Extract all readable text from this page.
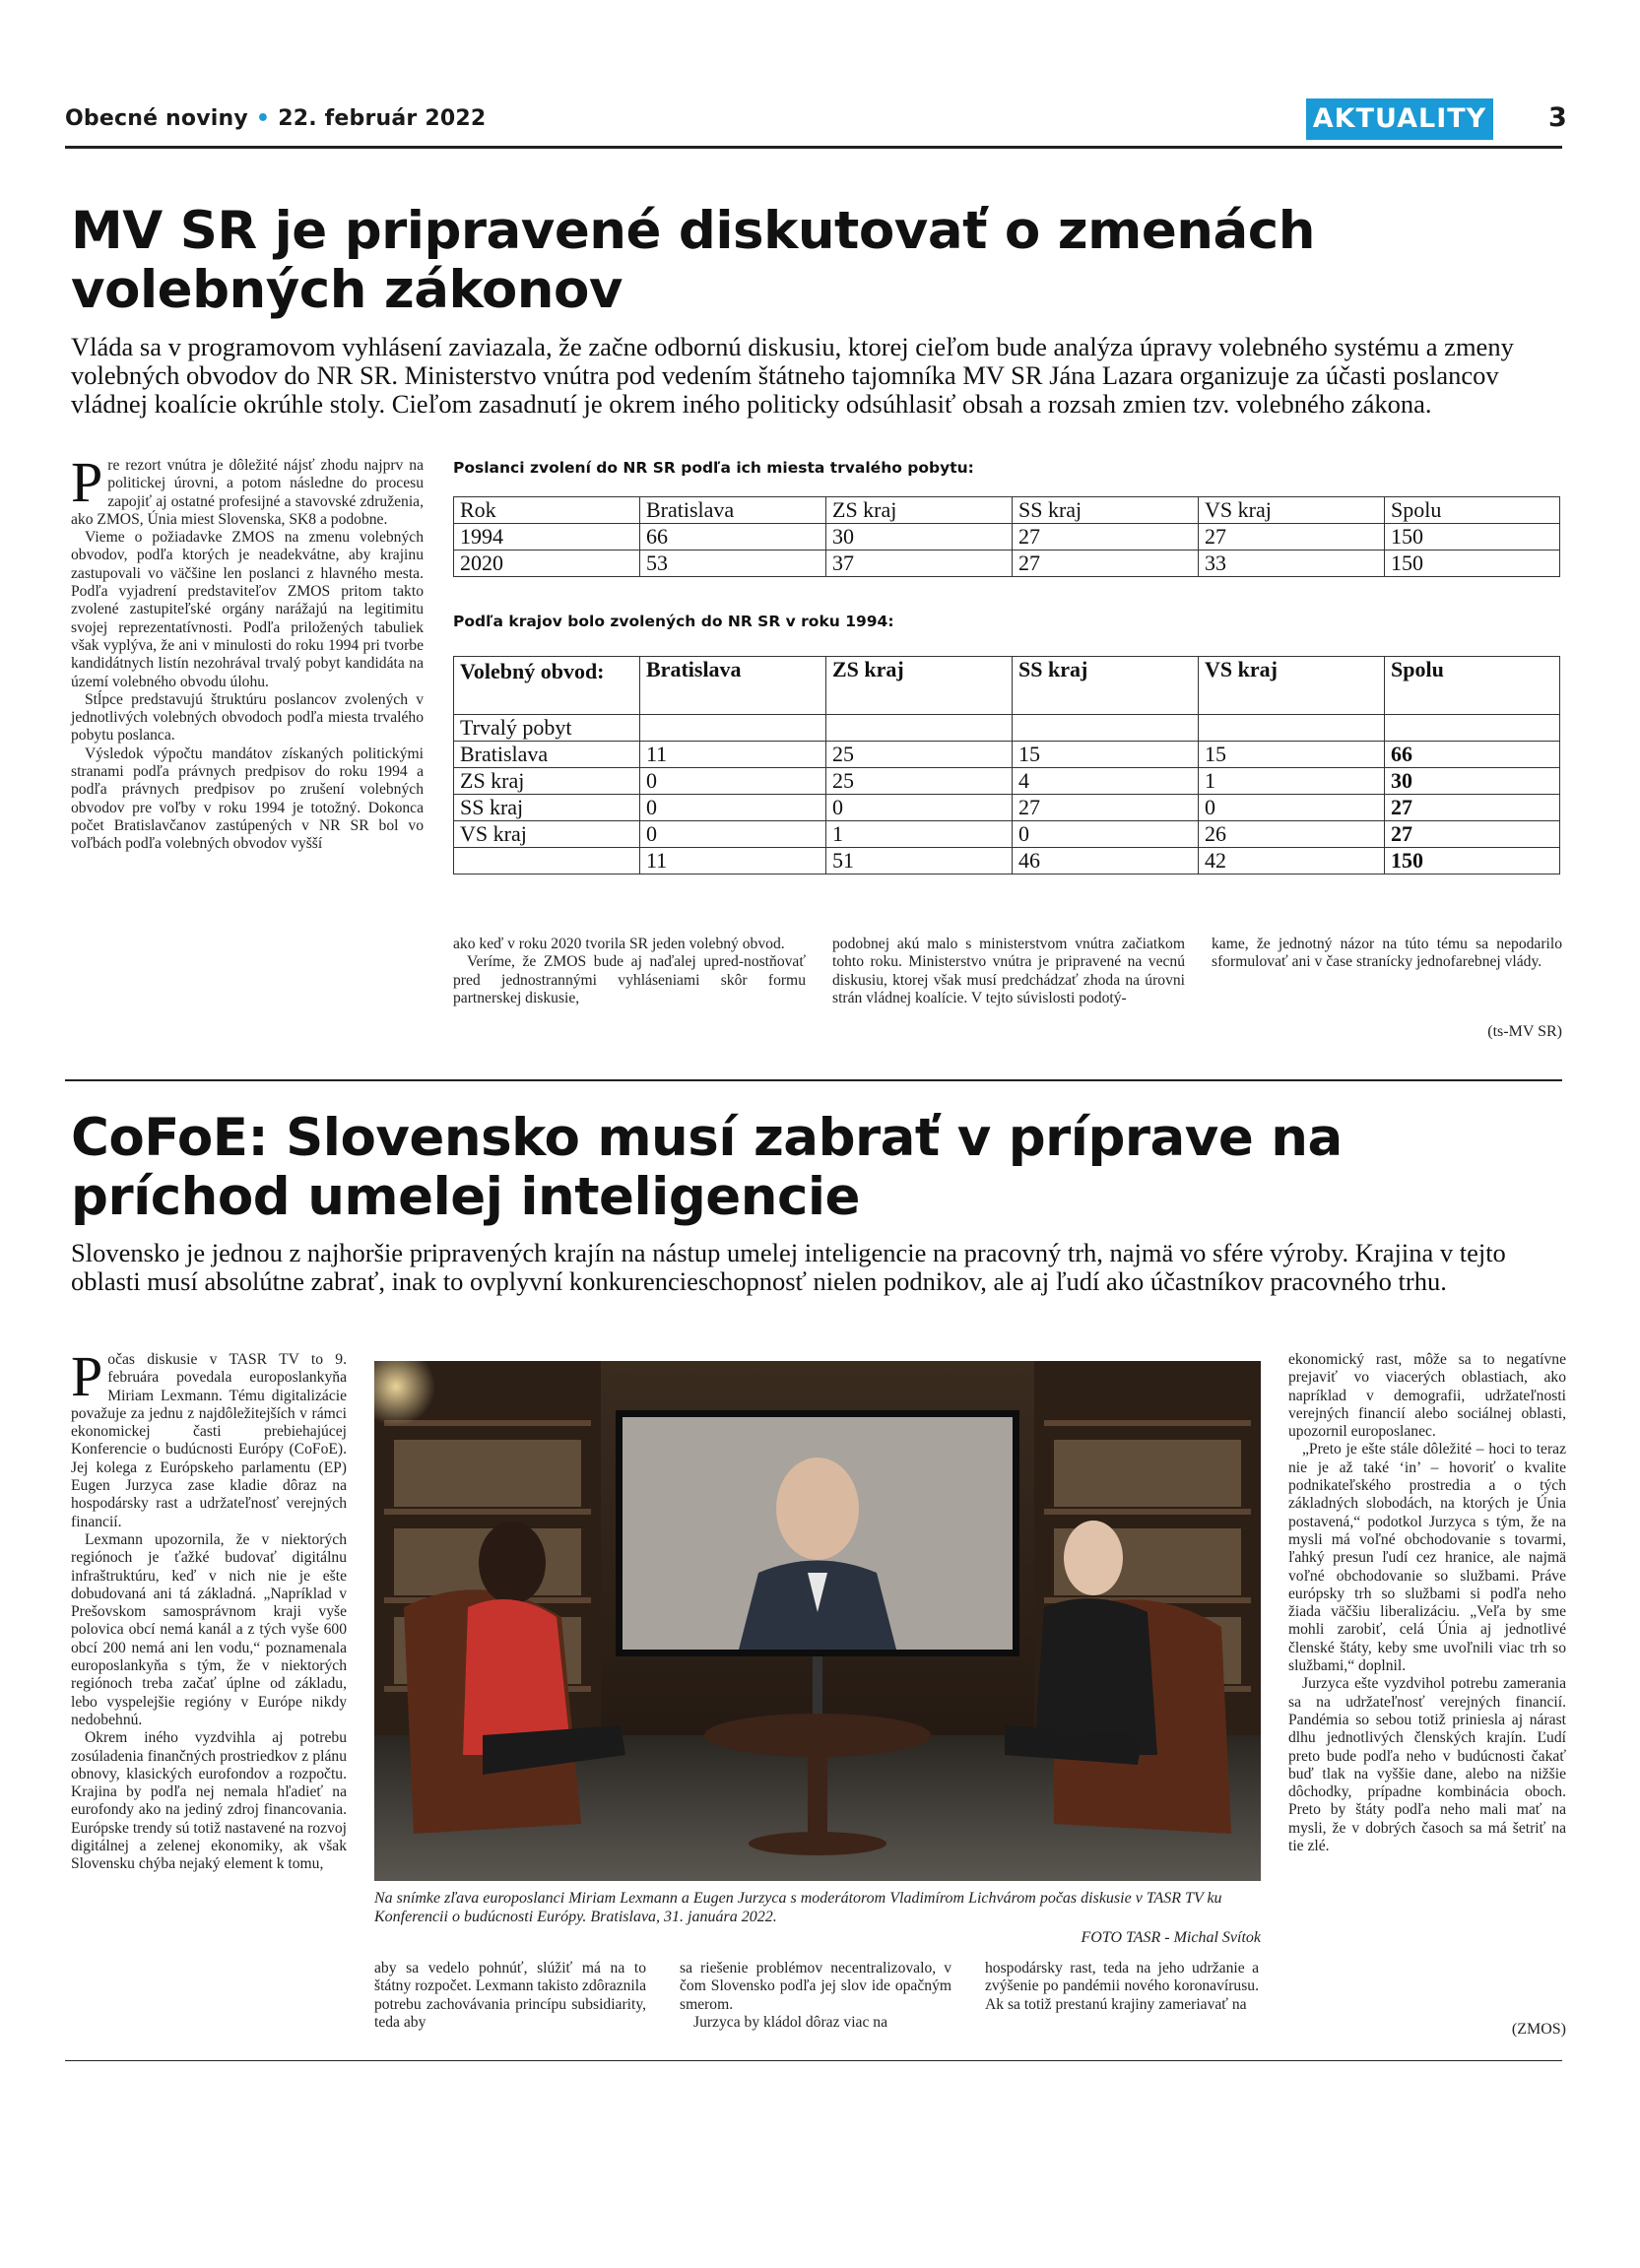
Obecné noviny • 22. február 2022	AKTUALITY 3
MV SR je pripravené diskutovať o zmenách volebných zákonov
Vláda sa v programovom vyhlásení zaviazala, že začne odbornú diskusiu, ktorej cieľom bude analýza úpravy volebného systému a zmeny volebných obvodov do NR SR. Ministerstvo vnútra pod vedením štátneho tajomníka MV SR Jána Lazara organizuje za účasti poslancov vládnej koalície okrúhle stoly. Cieľom zasadnutí je okrem iného politicky odsúhlasiť obsah a rozsah zmien tzv. volebného zákona.

Pre rezort vnútra je dôležité nájsť zhodu najprv na politickej úrovni, a potom následne do procesu zapojiť aj ostatné profesijné a stavovské združenia, ako ZMOS, Únia miest Slovenska, SK8 a podobne.

Vieme o požiadavke ZMOS na zmenu volebných obvodov, podľa ktorých je neadekvátne, aby krajinu zastupovali vo väčšine len poslanci z hlavného mesta. Podľa vyjadrení predstaviteľov ZMOS pritom takto zvolené zastupiteľské orgány narážajú na legitimitu svojej reprezentatívnosti. Podľa priložených tabuliek však vyplýva, že ani v minulosti do roku 1994 pri tvorbe kandidátnych listín nezohrával trvalý pobyt kandidáta na území volebného obvodu úlohu.

Stĺpce predstavujú štruktúru poslancov zvolených v jednotlivých volebných obvodoch podľa miesta trvalého pobytu poslanca.

Výsledok výpočtu mandátov získaných politickými stranami podľa právnych predpisov do roku 1994 a podľa právnych predpisov po zrušení volebných obvodov pre voľby v roku 1994 je totožný. Dokonca počet Bratislavčanov zastúpených v NR SR bol vo voľbách podľa volebných obvodov vyšší

Poslanci zvolení do NR SR podľa ich miesta trvalého pobytu:
Rok	Bratislava	ZS kraj	SS kraj	VS kraj	Spolu
1994	66	30	27	27	150
2020	53	37	27	33	150
Podľa krajov bolo zvolených do NR SR v roku 1994:
Volebný obvod:	Bratislava	ZS kraj	SS kraj	VS kraj	Spolu
Trvalý pobyt					
Bratislava	11	25	15	15	66
ZS kraj	0	25	4	1	30
SS kraj	0	0	27	0	27
VS kraj	0	1	0	26	27
	11	51	46	42	150

ako keď v roku 2020 tvorila SR jeden volebný obvod.

Veríme, že ZMOS bude aj naďalej upred-nostňovať pred jednostrannými vyhláseniami skôr formu partnerskej diskusie,

podobnej akú malo s ministerstvom vnútra začiatkom tohto roku. Ministerstvo vnútra je pripravené na vecnú diskusiu, ktorej však musí predchádzať zhoda na úrovni strán vládnej koalície. V tejto súvislosti podotý-

kame, že jednotný názor na túto tému sa nepodarilo sformulovať ani v čase stranícky jednofarebnej vlády.

(ts-MV SR)
CoFoE: Slovensko musí zabrať v príprave na príchod umelej inteligencie
Slovensko je jednou z najhoršie pripravených krajín na nástup umelej inteligencie na pracovný trh, najmä vo sfére výroby. Krajina v tejto oblasti musí absolútne zabrať, inak to ovplyvní konkurencieschopnosť nielen podnikov, ale aj ľudí ako účastníkov pracovného trhu.

Počas diskusie v TASR TV to 9. februára povedala europoslankyňa Miriam Lexmann. Tému digitalizácie považuje za jednu z najdôležitejších v rámci ekonomickej časti prebiehajúcej Konferencie o budúcnosti Európy (CoFoE). Jej kolega z Európskeho parlamentu (EP) Eugen Jurzyca zase kladie dôraz na hospodársky rast a udržateľnosť verejných financií.

Lexmann upozornila, že v niektorých regiónoch je ťažké budovať digitálnu infraštruktúru, keď v nich nie je ešte dobudovaná ani tá základná. „Napríklad v Prešovskom samosprávnom kraji vyše polovica obcí nemá kanál a z tých vyše 600 obcí 200 nemá ani len vodu,“ poznamenala europoslankyňa s tým, že v niektorých regiónoch treba začať úplne od základu, lebo vyspelejšie regióny v Európe nikdy nedobehnú.

Okrem iného vyzdvihla aj potrebu zosúladenia finančných prostriedkov z plánu obnovy, klasických eurofondov a rozpočtu. Krajina by podľa nej nemala hľadieť na eurofondy ako na jediný zdroj financovania. Európske trendy sú totiž nastavené na rozvoj digitálnej a zelenej ekonomiky, ak však Slovensku chýba nejaký element k tomu,

Na snímke zľava europoslanci Miriam Lexmann a Eugen Jurzyca s moderátorom Vladimírom Lichvárom počas diskusie v TASR TV ku Konferencii o budúcnosti Európy. Bratislava, 31. januára 2022.
FOTO TASR - Michal Svítok

aby sa vedelo pohnúť, slúžiť má na to štátny rozpočet. Lexmann takisto zdôraznila potrebu zachovávania princípu subsidiarity, teda aby

sa riešenie problémov necentralizovalo, v čom Slovensko podľa jej slov ide opačným smerom.

Jurzyca by kládol dôraz viac na

hospodársky rast, teda na jeho udržanie a zvýšenie po pandémii nového koronavírusu. Ak sa totiž prestanú krajiny zameriavať na

ekonomický rast, môže sa to negatívne prejaviť vo viacerých oblastiach, ako napríklad v demografii, udržateľnosti verejných financií alebo sociálnej oblasti, upozornil europoslanec.

„Preto je ešte stále dôležité – hoci to teraz nie je až také ‘in’ – hovoriť o kvalite podnikateľského prostredia a o tých základných slobodách, na ktorých je Únia postavená,“ podotkol Jurzyca s tým, že na mysli má voľné obchodovanie s tovarmi, ľahký presun ľudí cez hranice, ale najmä voľné obchodovanie so službami. Práve európsky trh so službami si podľa neho žiada väčšiu liberalizáciu. „Veľa by sme mohli zarobiť, celá Únia aj jednotlivé členské štáty, keby sme uvoľnili viac trh so službami,“ doplnil.

Jurzyca ešte vyzdvihol potrebu zamerania sa na udržateľnosť verejných financií. Pandémia so sebou totiž priniesla aj nárast dlhu jednotlivých členských krajín. Ľudí preto bude podľa neho v budúcnosti čakať buď tlak na vyššie dane, alebo na nižšie dôchodky, prípadne kombinácia oboch. Preto by štáty podľa neho mali mať na mysli, že v dobrých časoch sa má šetriť na tie zlé.

(ZMOS)
